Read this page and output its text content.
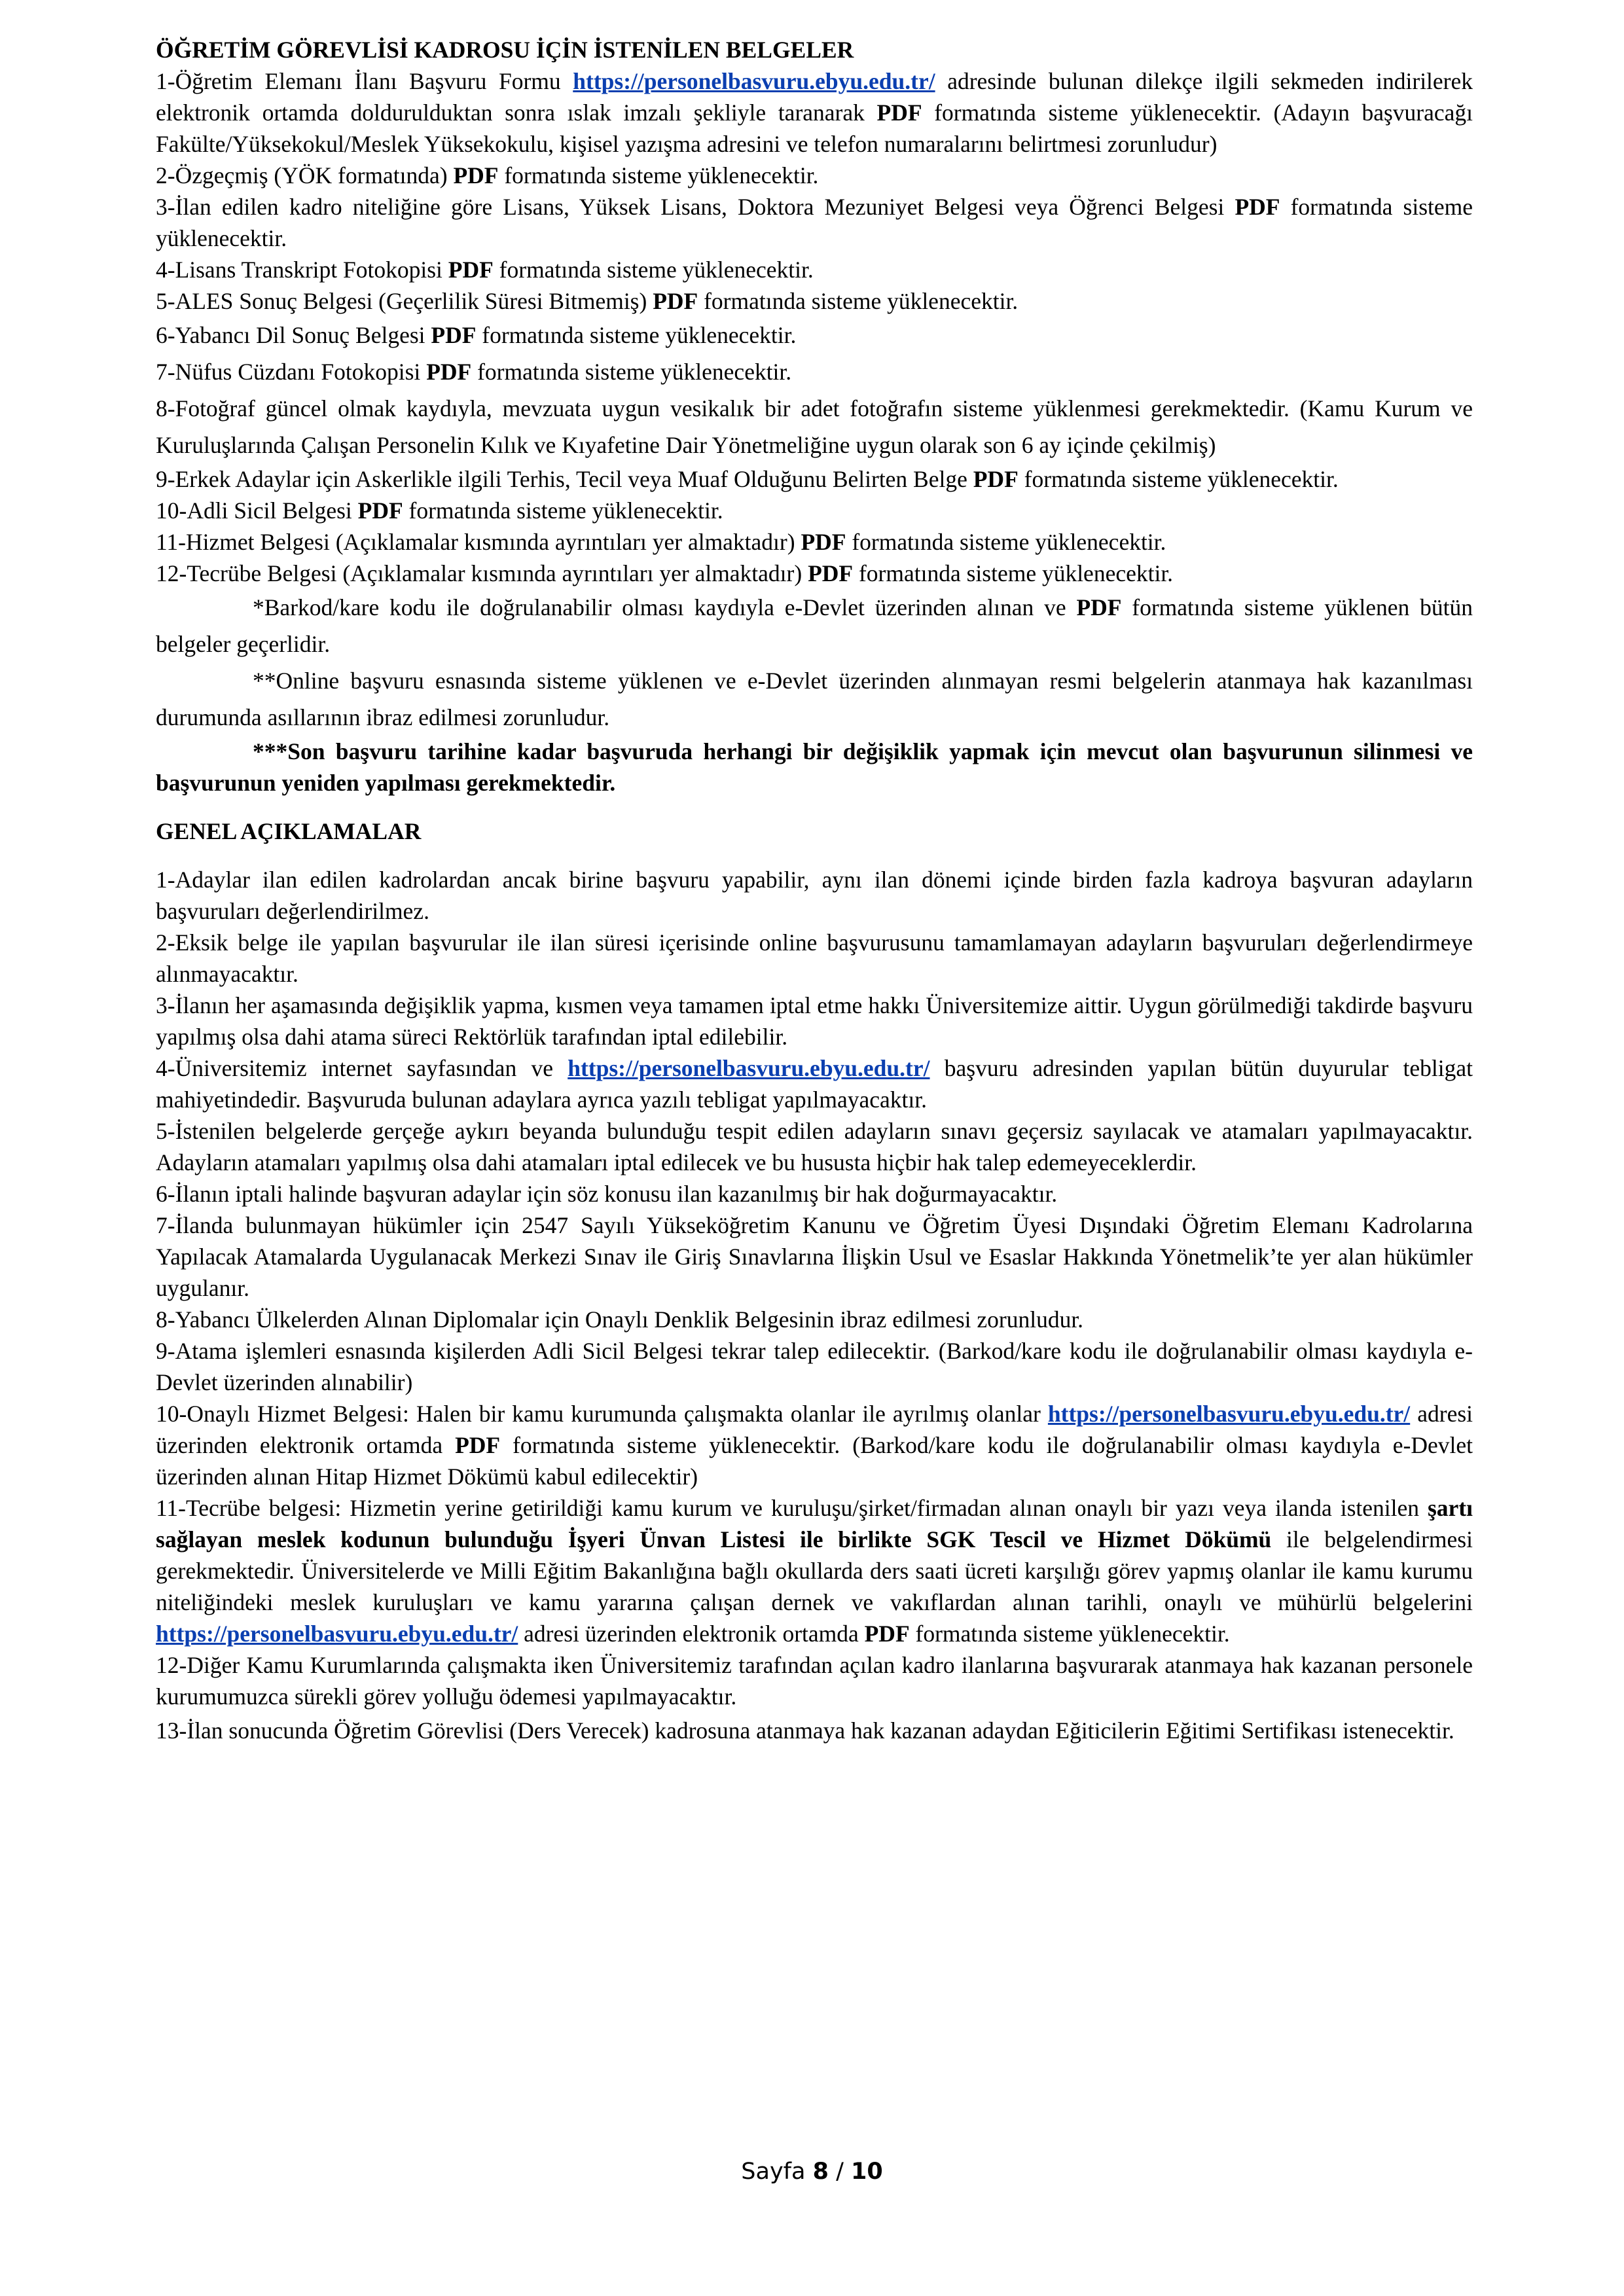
ÖĞRETİM GÖREVLİSİ KADROSU İÇİN İSTENİLEN BELGELER

1-Öğretim Elemanı İlanı Başvuru Formu https://personelbasvuru.ebyu.edu.tr/ adresinde bulunan dilekçe ilgili sekmeden indirilerek elektronik ortamda doldurulduktan sonra ıslak imzalı şekliyle taranarak PDF formatında sisteme yüklenecektir. (Adayın başvuracağı Fakülte/Yüksekokul/Meslek Yüksekokulu, kişisel yazışma adresini ve telefon numaralarını belirtmesi zorunludur)

2-Özgeçmiş (YÖK formatında) PDF formatında sisteme yüklenecektir.

3-İlan edilen kadro niteliğine göre Lisans, Yüksek Lisans, Doktora Mezuniyet Belgesi veya Öğrenci Belgesi PDF formatında sisteme yüklenecektir.

4-Lisans Transkript Fotokopisi PDF formatında sisteme yüklenecektir.

5-ALES Sonuç Belgesi (Geçerlilik Süresi Bitmemiş) PDF formatında sisteme yüklenecektir.

6-Yabancı Dil Sonuç Belgesi PDF formatında sisteme yüklenecektir.

7-Nüfus Cüzdanı Fotokopisi PDF formatında sisteme yüklenecektir.

8-Fotoğraf güncel olmak kaydıyla, mevzuata uygun vesikalık bir adet fotoğrafın sisteme yüklenmesi gerekmektedir. (Kamu Kurum ve Kuruluşlarında Çalışan Personelin Kılık ve Kıyafetine Dair Yönetmeliğine uygun olarak son 6 ay içinde çekilmiş)

9-Erkek Adaylar için Askerlikle ilgili Terhis, Tecil veya Muaf Olduğunu Belirten Belge PDF formatında sisteme yüklenecektir.

10-Adli Sicil Belgesi PDF formatında sisteme yüklenecektir.

11-Hizmet Belgesi (Açıklamalar kısmında ayrıntıları yer almaktadır) PDF formatında sisteme yüklenecektir.

12-Tecrübe Belgesi (Açıklamalar kısmında ayrıntıları yer almaktadır) PDF formatında sisteme yüklenecektir.

*Barkod/kare kodu ile doğrulanabilir olması kaydıyla e-Devlet üzerinden alınan ve PDF formatında sisteme yüklenen bütün belgeler geçerlidir.

**Online başvuru esnasında sisteme yüklenen ve e-Devlet üzerinden alınmayan resmi belgelerin atanmaya hak kazanılması durumunda asıllarının ibraz edilmesi zorunludur.

***Son başvuru tarihine kadar başvuruda herhangi bir değişiklik yapmak için mevcut olan başvurunun silinmesi ve başvurunun yeniden yapılması gerekmektedir.

GENEL AÇIKLAMALAR

1-Adaylar ilan edilen kadrolardan ancak birine başvuru yapabilir, aynı ilan dönemi içinde birden fazla kadroya başvuran adayların başvuruları değerlendirilmez.

2-Eksik belge ile yapılan başvurular ile ilan süresi içerisinde online başvurusunu tamamlamayan adayların başvuruları değerlendirmeye alınmayacaktır.

3-İlanın her aşamasında değişiklik yapma, kısmen veya tamamen iptal etme hakkı Üniversitemize aittir. Uygun görülmediği takdirde başvuru yapılmış olsa dahi atama süreci Rektörlük tarafından iptal edilebilir.

4-Üniversitemiz internet sayfasından ve https://personelbasvuru.ebyu.edu.tr/ başvuru adresinden yapılan bütün duyurular tebligat mahiyetindedir. Başvuruda bulunan adaylara ayrıca yazılı tebligat yapılmayacaktır.

5-İstenilen belgelerde gerçeğe aykırı beyanda bulunduğu tespit edilen adayların sınavı geçersiz sayılacak ve atamaları yapılmayacaktır. Adayların atamaları yapılmış olsa dahi atamaları iptal edilecek ve bu hususta hiçbir hak talep edemeyeceklerdir.

6-İlanın iptali halinde başvuran adaylar için söz konusu ilan kazanılmış bir hak doğurmayacaktır.

7-İlanda bulunmayan hükümler için 2547 Sayılı Yükseköğretim Kanunu ve Öğretim Üyesi Dışındaki Öğretim Elemanı Kadrolarına Yapılacak Atamalarda Uygulanacak Merkezi Sınav ile Giriş Sınavlarına İlişkin Usul ve Esaslar Hakkında Yönetmelik’te yer alan hükümler uygulanır.

8-Yabancı Ülkelerden Alınan Diplomalar için Onaylı Denklik Belgesinin ibraz edilmesi zorunludur.

9-Atama işlemleri esnasında kişilerden Adli Sicil Belgesi tekrar talep edilecektir. (Barkod/kare kodu ile doğrulanabilir olması kaydıyla e-Devlet üzerinden alınabilir)

10-Onaylı Hizmet Belgesi: Halen bir kamu kurumunda çalışmakta olanlar ile ayrılmış olanlar https://personelbasvuru.ebyu.edu.tr/ adresi üzerinden elektronik ortamda PDF formatında sisteme yüklenecektir. (Barkod/kare kodu ile doğrulanabilir olması kaydıyla e-Devlet üzerinden alınan Hitap Hizmet Dökümü kabul edilecektir)

11-Tecrübe belgesi: Hizmetin yerine getirildiği kamu kurum ve kuruluşu/şirket/firmadan alınan onaylı bir yazı veya ilanda istenilen şartı sağlayan meslek kodunun bulunduğu İşyeri Ünvan Listesi ile birlikte SGK Tescil ve Hizmet Dökümü ile belgelendirmesi gerekmektedir. Üniversitelerde ve Milli Eğitim Bakanlığına bağlı okullarda ders saati ücreti karşılığı görev yapmış olanlar ile kamu kurumu niteliğindeki meslek kuruluşları ve kamu yararına çalışan dernek ve vakıflardan alınan tarihli, onaylı ve mühürlü belgelerini https://personelbasvuru.ebyu.edu.tr/ adresi üzerinden elektronik ortamda PDF formatında sisteme yüklenecektir.

12-Diğer Kamu Kurumlarında çalışmakta iken Üniversitemiz tarafından açılan kadro ilanlarına başvurarak atanmaya hak kazanan personele kurumumuzca sürekli görev yolluğu ödemesi yapılmayacaktır.

13-İlan sonucunda Öğretim Görevlisi (Ders Verecek) kadrosuna atanmaya hak kazanan adaydan Eğiticilerin Eğitimi Sertifikası istenecektir.

Sayfa 8 / 10
